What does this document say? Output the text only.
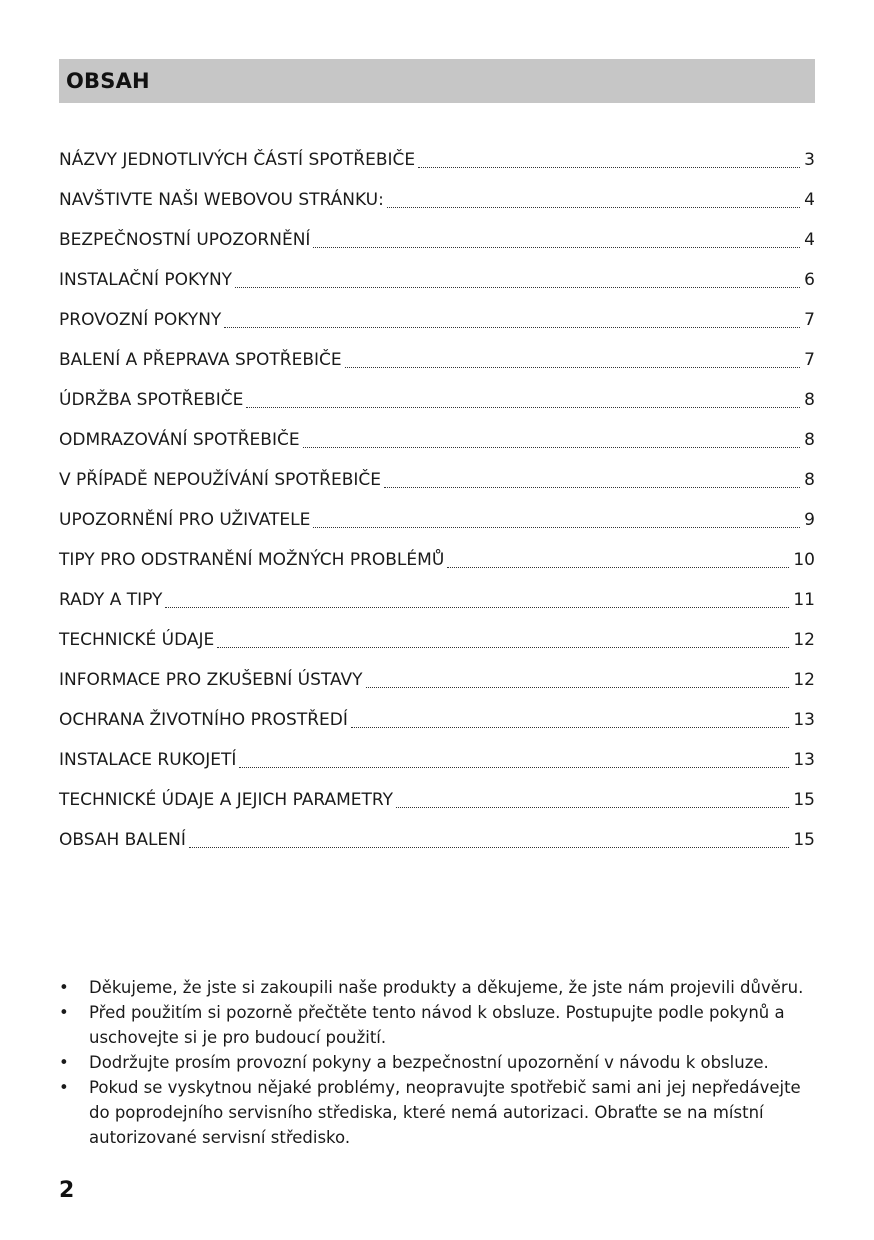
OBSAH
NÁZVY JEDNOTLIVÝCH ČÁSTÍ SPOTŘEBIČE	3
NAVŠTIVTE NAŠI WEBOVOU STRÁNKU:	4
BEZPEČNOSTNÍ UPOZORNĚNÍ	4
INSTALAČNÍ POKYNY	6
PROVOZNÍ POKYNY	7
BALENÍ A PŘEPRAVA SPOTŘEBIČE	7
ÚDRŽBA SPOTŘEBIČE	8
ODMRAZOVÁNÍ SPOTŘEBIČE	8
V PŘÍPADĚ NEPOUŽÍVÁNÍ SPOTŘEBIČE	8
UPOZORNĚNÍ PRO UŽIVATELE	9
TIPY PRO ODSTRANĚNÍ MOŽNÝCH PROBLÉMŮ	10
RADY A TIPY	11
TECHNICKÉ ÚDAJE	12
INFORMACE PRO ZKUŠEBNÍ ÚSTAVY	12
OCHRANA ŽIVOTNÍHO PROSTŘEDÍ	13
INSTALACE RUKOJETÍ	13
TECHNICKÉ ÚDAJE A JEJICH PARAMETRY	15
OBSAH BALENÍ	15
•	Děkujeme, že jste si zakoupili naše produkty a děkujeme, že jste nám projevili důvěru.
•	Před použitím si pozorně přečtěte tento návod k obsluze. Postupujte podle pokynů a uschovejte si je pro budoucí použití.
•	Dodržujte prosím provozní pokyny a bezpečnostní upozornění v návodu k obsluze.
•	Pokud se vyskytnou nějaké problémy, neopravujte spotřebič sami ani jej nepředávejte do poprodejního servisního střediska, které nemá autorizaci. Obraťte se na místní autorizované servisní středisko.
2
